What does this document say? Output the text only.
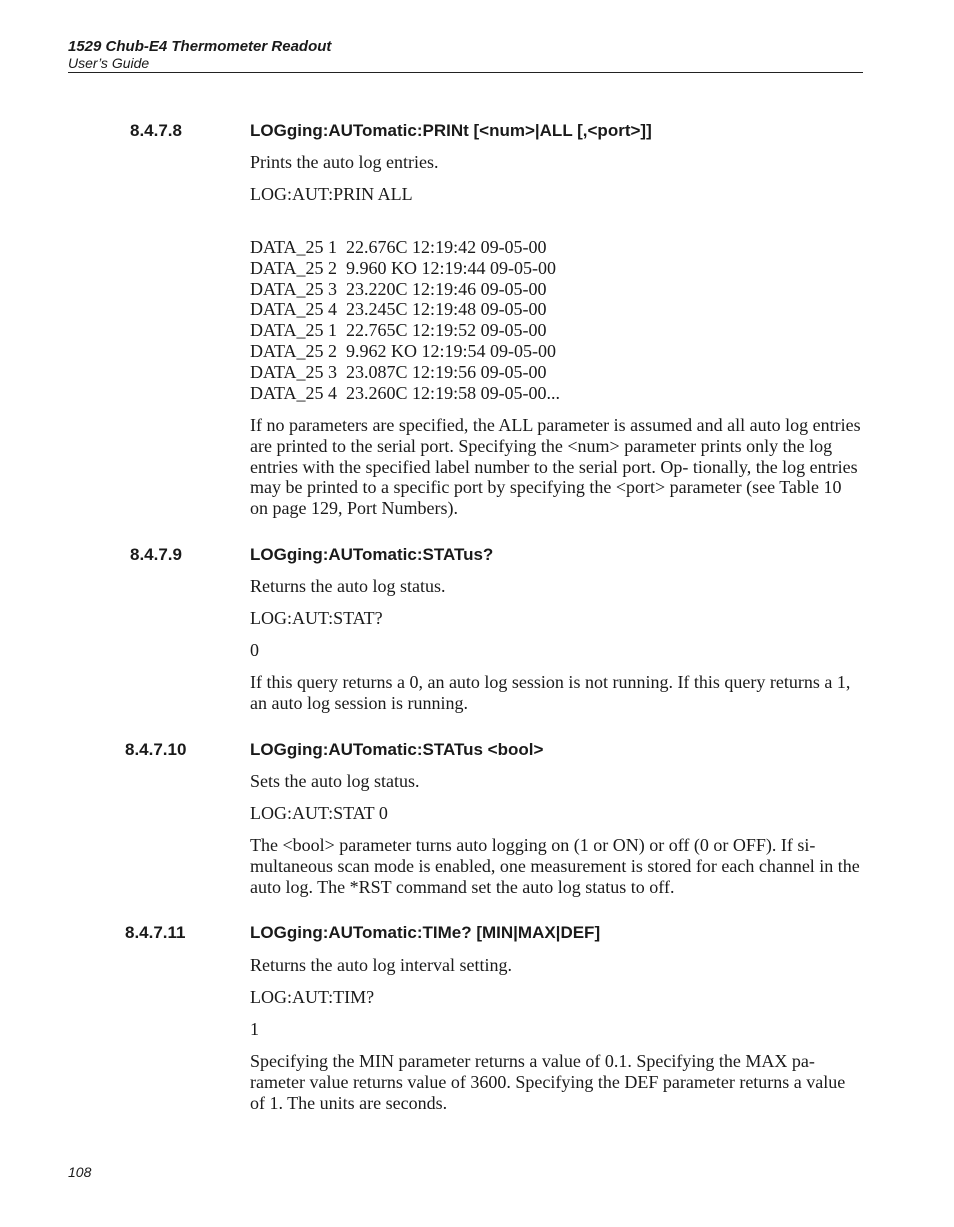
1529 Chub-E4 Thermometer Readout
User’s Guide
8.4.7.8	LOGging:AUTomatic:PRINt [<num>|ALL [,<port>]]
Prints the auto log entries.
LOG:AUT:PRIN ALL
DATA_25 1  22.676C 12:19:42 09-05-00
DATA_25 2  9.960 KO 12:19:44 09-05-00
DATA_25 3  23.220C 12:19:46 09-05-00
DATA_25 4  23.245C 12:19:48 09-05-00
DATA_25 1  22.765C 12:19:52 09-05-00
DATA_25 2  9.962 KO 12:19:54 09-05-00
DATA_25 3  23.087C 12:19:56 09-05-00
DATA_25 4  23.260C 12:19:58 09-05-00...
If no parameters are specified, the ALL parameter is assumed and all auto log entries are printed to the serial port. Specifying the <num> parameter prints only the log entries with the specified label number to the serial port. Op- tionally, the log entries may be printed to a specific port by specifying the <port> parameter (see Table 10 on page 129, Port Numbers).
8.4.7.9	LOGging:AUTomatic:STATus?
Returns the auto log status.
LOG:AUT:STAT?
0
If this query returns a 0, an auto log session is not running. If this query returns a 1, an auto log session is running.
8.4.7.10	LOGging:AUTomatic:STATus <bool>
Sets the auto log status.
LOG:AUT:STAT 0
The <bool> parameter turns auto logging on (1 or ON) or off (0 or OFF). If si- multaneous scan mode is enabled, one measurement is stored for each channel in the auto log. The *RST command set the auto log status to off.
8.4.7.11	LOGging:AUTomatic:TIMe? [MIN|MAX|DEF]
Returns the auto log interval setting.
LOG:AUT:TIM?
1
Specifying the MIN parameter returns a value of 0.1. Specifying the MAX pa- rameter value returns value of 3600. Specifying the DEF parameter returns a value of 1. The units are seconds.
108
